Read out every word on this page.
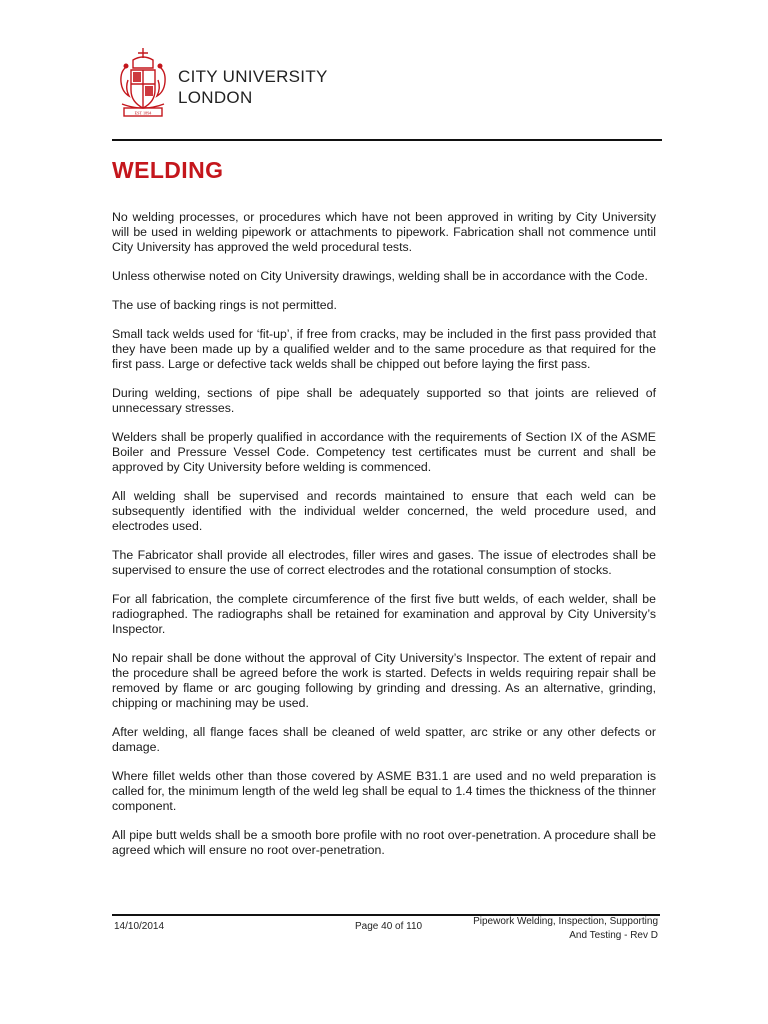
EST 1894
CITY UNIVERSITY
LONDON
WELDING

No welding processes, or procedures which have not been approved in writing by City University will be used in welding pipework or attachments to pipework. Fabrication shall not commence until City University has approved the weld procedural tests.

Unless otherwise noted on City University drawings, welding shall be in accordance with the Code.

The use of backing rings is not permitted.

Small tack welds used for ‘fit-up’, if free from cracks, may be included in the first pass provided that they have been made up by a qualified welder and to the same procedure as that required for the first pass. Large or defective tack welds shall be chipped out before laying the first pass.

During welding, sections of pipe shall be adequately supported so that joints are relieved of unnecessary stresses.

Welders shall be properly qualified in accordance with the requirements of Section IX of the ASME Boiler and Pressure Vessel Code. Competency test certificates must be current and shall be approved by City University before welding is commenced.

All welding shall be supervised and records maintained to ensure that each weld can be subsequently identified with the individual welder concerned, the weld procedure used, and electrodes used.

The Fabricator shall provide all electrodes, filler wires and gases. The issue of electrodes shall be supervised to ensure the use of correct electrodes and the rotational consumption of stocks.

For all fabrication, the complete circumference of the first five butt welds, of each welder, shall be radiographed. The radiographs shall be retained for examination and approval by City University’s Inspector.

No repair shall be done without the approval of City University’s Inspector. The extent of repair and the procedure shall be agreed before the work is started. Defects in welds requiring repair shall be removed by flame or arc gouging following by grinding and dressing. As an alternative, grinding, chipping or machining may be used.

After welding, all flange faces shall be cleaned of weld spatter, arc strike or any other defects or damage.

Where fillet welds other than those covered by ASME B31.1 are used and no weld preparation is called for, the minimum length of the weld leg shall be equal to 1.4 times the thickness of the thinner component.

All pipe butt welds shall be a smooth bore profile with no root over-penetration. A procedure shall be agreed which will ensure no root over-penetration.

14/10/2014	Page 40 of 110	Pipework Welding, Inspection, Supporting
And Testing - Rev D
